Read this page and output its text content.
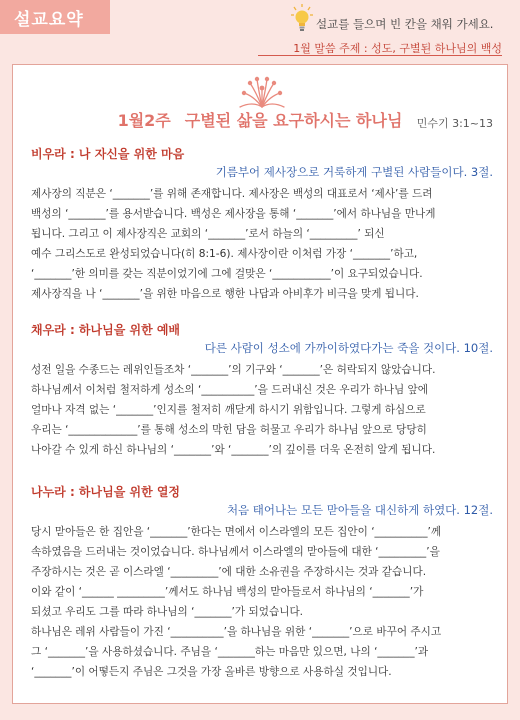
설교요약	설교를 들으며 빈 칸을 채워 가세요.
1월 말씀 주제 : 성도, 구별된 하나님의 백성
1월2주 구별된 삶을 요구하시는 하나님	민수기 3:1~13
비우라 : 나 자신을 위한 마음
기름부어 제사장으로 거룩하게 구별된 사람들이다. 3절.

제사장의 직분은 ‘_______’를 위해 존재합니다. 제사장은 백성의 대표로서 ‘제사’를 드려

백성의 ‘_______’를 용서받습니다. 백성은 제사장을 통해 ‘_______’에서 하나님을 만나게

됩니다. 그리고 이 제사장직은 교회의 ‘_______’로서 하늘의 ‘_________’ 되신

예수 그리스도로 완성되었습니다(히 8:1-6). 제사장이란 이처럼 가장 ‘_______’하고,

‘_______’한 의미를 갖는 직분이었기에 그에 걸맞은 ‘___________’이 요구되었습니다.

제사장직을 나 ‘_______’을 위한 마음으로 행한 나답과 아비후가 비극을 맞게 됩니다.

채우라 : 하나님을 위한 예배
다른 사람이 성소에 가까이하였다가는 죽을 것이다. 10절.

성전 일을 수종드는 레위인들조차 ‘_______’의 기구와 ‘_______’은 허락되지 않았습니다.

하나님께서 이처럼 철저하게 성소의 ‘__________’을 드러내신 것은 우리가 하나님 앞에

얼마나 자격 없는 ‘_______’인지를 철저히 깨닫게 하시기 위함입니다. 그렇게 하심으로

우리는 ‘_____________’를 통해 성소의 막힌 담을 허물고 우리가 하나님 앞으로 당당히

나아갈 수 있게 하신 하나님의 ‘_______’와 ‘_______’의 깊이를 더욱 온전히 알게 됩니다.

나누라 : 하나님을 위한 열정
처음 태어나는 모든 맏아들을 대신하게 하였다. 12절.

당시 맏아들은 한 집안을 ‘_______’한다는 면에서 이스라엘의 모든 집안이 ‘__________’께

속하였음을 드러내는 것이었습니다. 하나님께서 이스라엘의 맏아들에 대한 ‘_________’을

주장하시는 것은 곧 이스라엘 ‘_________’에 대한 소유권을 주장하시는 것과 같습니다.

이와 같이 ‘______ _________’께서도 하나님 백성의 맏아들로서 하나님의 ‘_______’가

되셨고 우리도 그를 따라 하나님의 ‘_______’가 되었습니다.

하나님은 레위 사람들이 가진 ‘__________’을 하나님을 위한 ‘_______’으로 바꾸어 주시고

그 ‘_______’을 사용하셨습니다. 주님을 ‘_______하는 마음만 있으면, 나의 ‘_______’과

‘_______’이 어떻든지 주님은 그것을 가장 올바른 방향으로 사용하실 것입니다.
